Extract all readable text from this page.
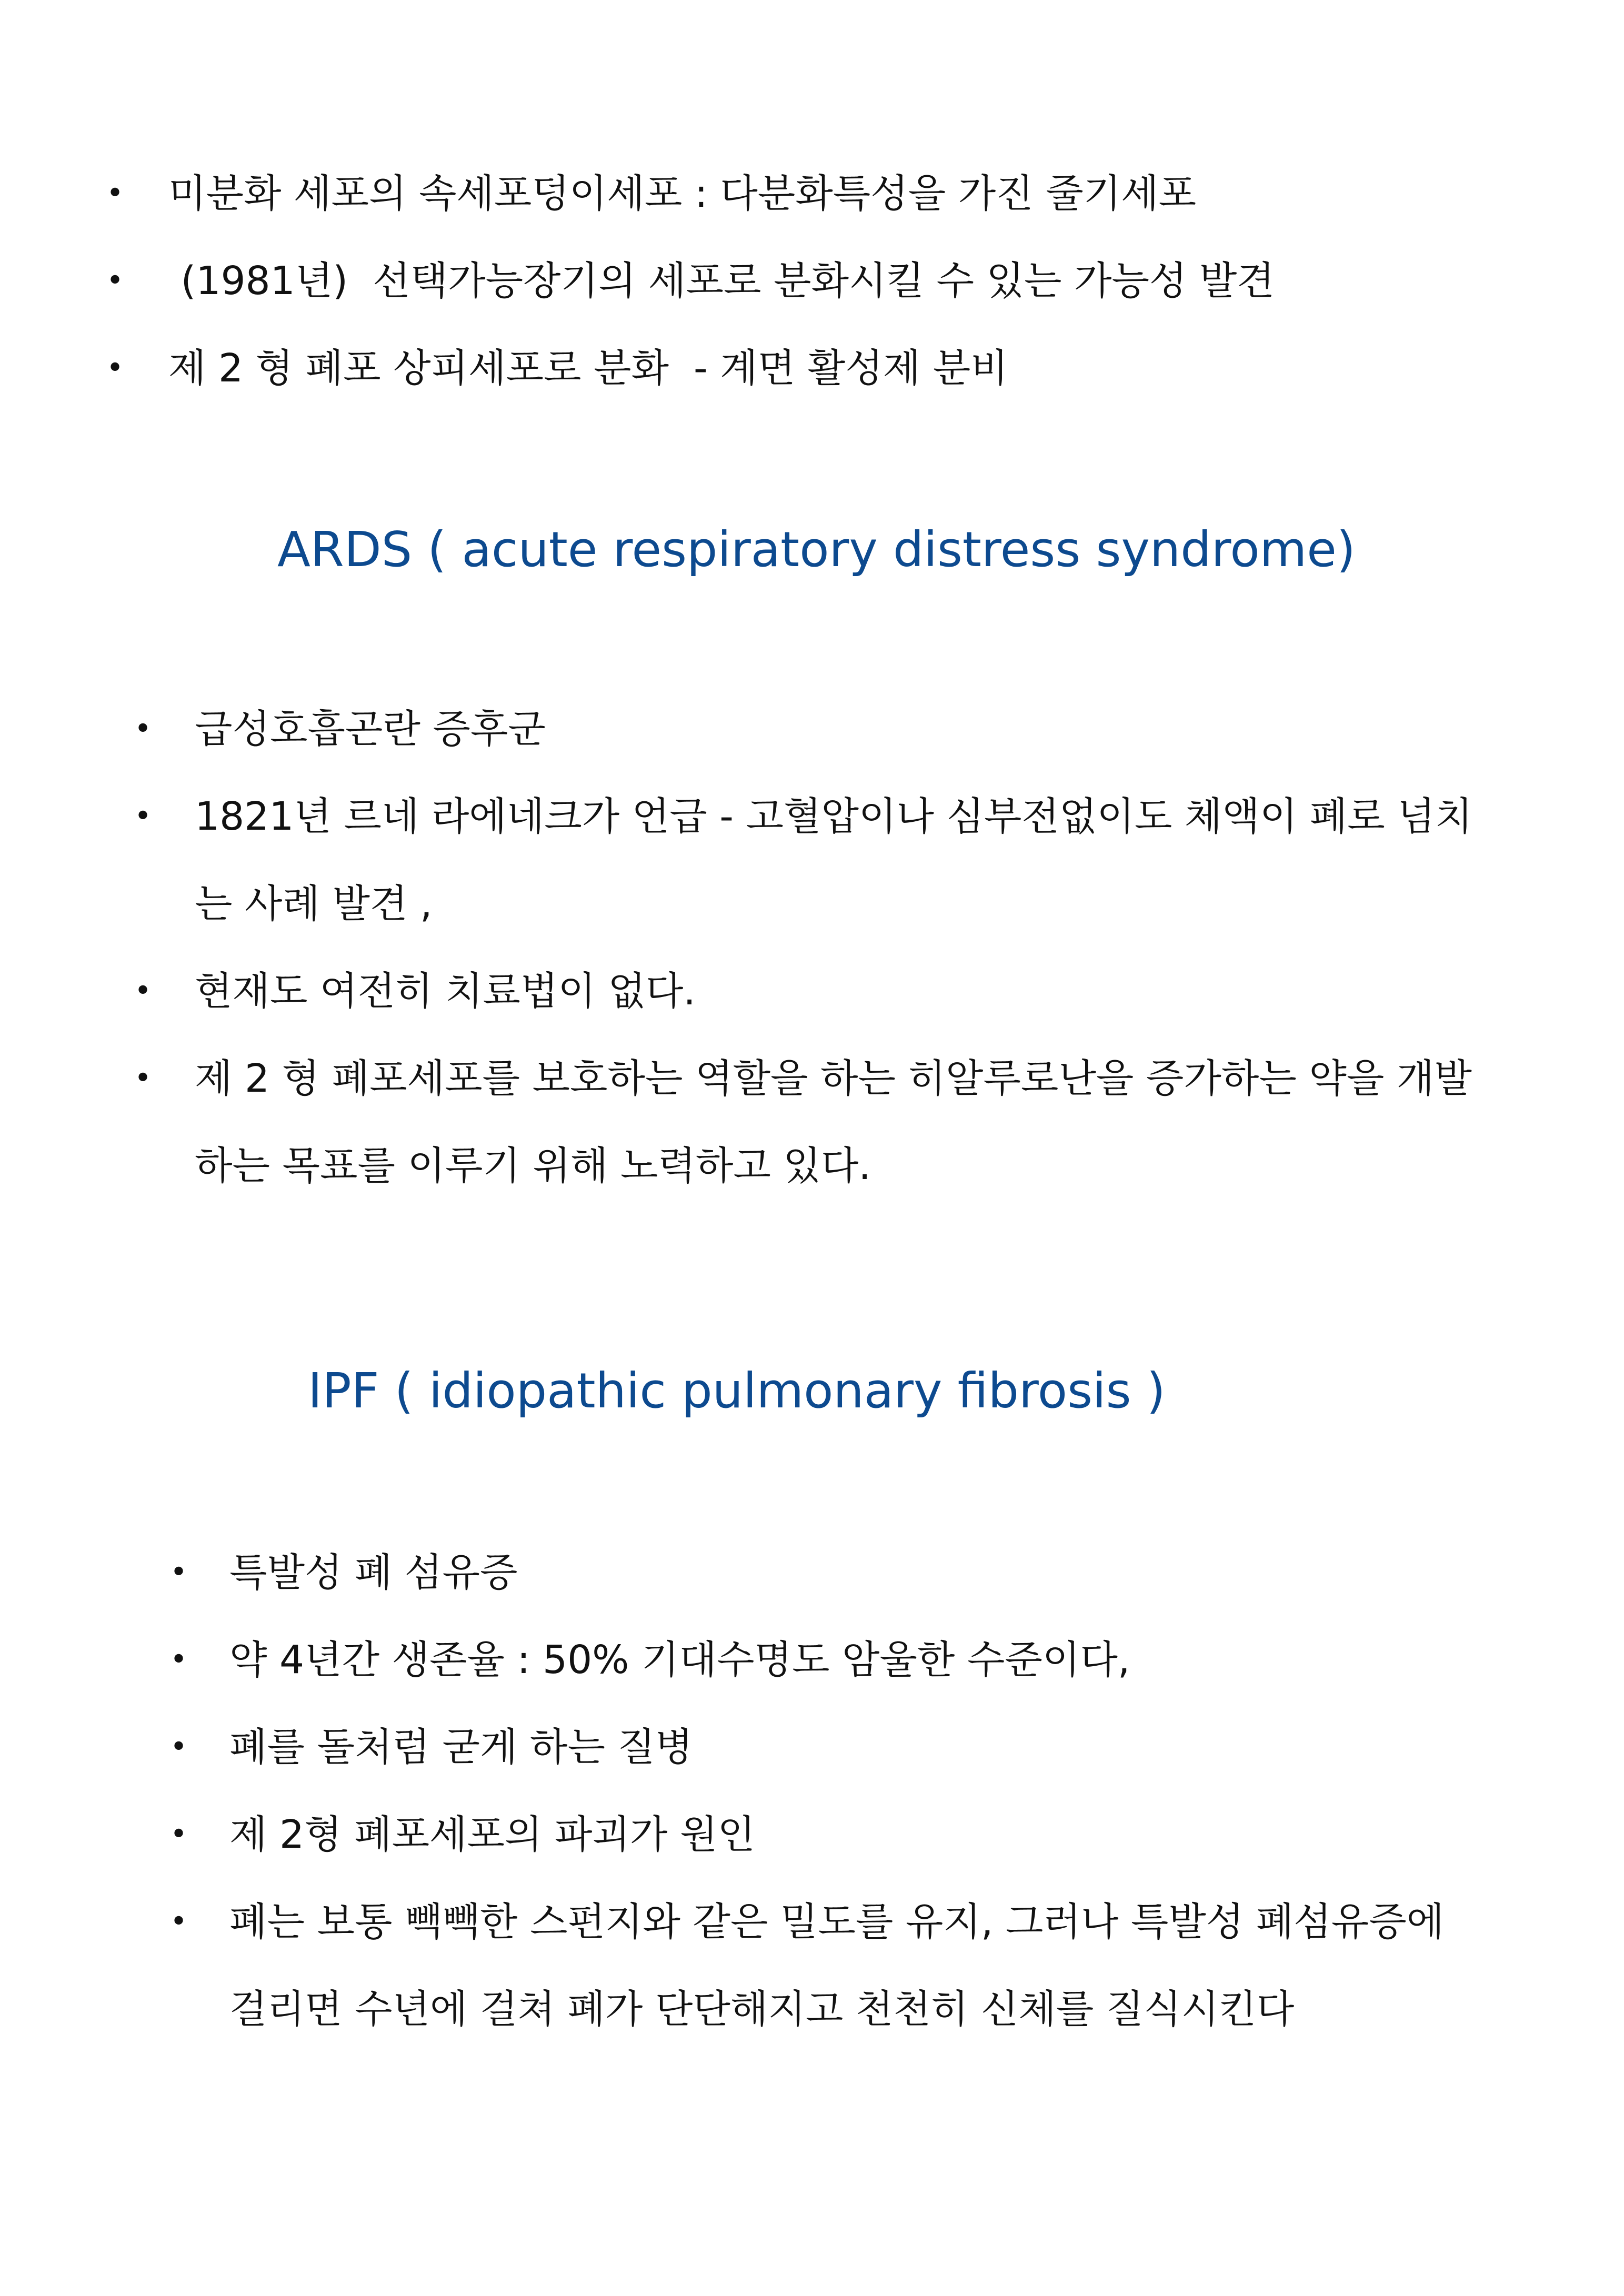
• 미분화 세포의 속세포덩이세포 : 다분화특성을 가진 줄기세포
• (1981년)  선택가능장기의 세포로 분화시킬 수 있는 가능성 발견
• 제 2 형 폐포 상피세포로 분화  - 계면 활성제 분비
ARDS ( acute respiratory distress syndrome)
• 급성호흡곤란 증후군
• 1821년 르네 라에네크가 언급 - 고혈압이나 심부전없이도 체액이 폐로 넘치는 사례 발견 ,
• 현재도 여전히 치료법이 없다.
• 제 2 형 폐포세포를 보호하는 역할을 하는 히알루로난을 증가하는 약을 개발하는 목표를 이루기 위해 노력하고 있다.
IPF ( idiopathic pulmonary fibrosis )
• 특발성 폐 섬유증
• 약 4년간 생존율 : 50% 기대수명도 암울한 수준이다,
• 폐를 돌처럼 굳게 하는 질병
• 제 2형 폐포세포의 파괴가 원인
• 폐는 보통 빽빽한 스펀지와 같은 밀도를 유지, 그러나 특발성 폐섬유증에 걸리면 수년에 걸쳐 폐가 단단해지고 천천히 신체를 질식시킨다
